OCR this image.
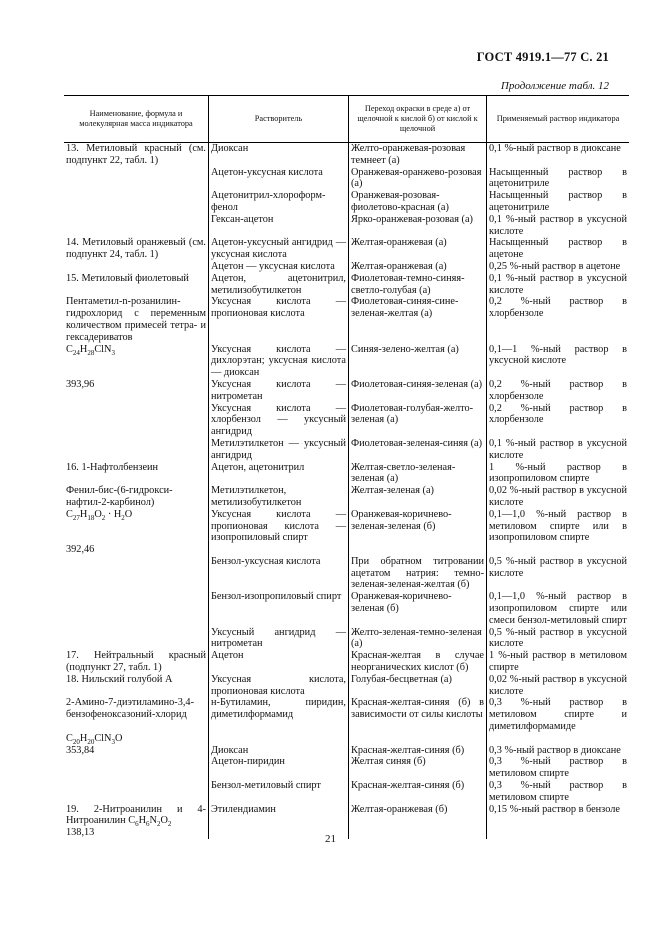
ГОСТ 4919.1—77 С. 21
Продолжение табл. 12
Наименование, формула и молекулярная масса индикатора	Растворитель	Переход окраски в среде а) от щелочной к кислой б) от кислой к щелочной	Применяемый раствор индикатора
13. Метиловый красный (см. подпункт 22, табл. 1)	Диоксан	Желто-оранжевая-розовая темнеет (а)	0,1 %-ный раствор в диоксане
	Ацетон-уксусная кислота	Оранжевая-оранжево-розовая (а)	Насыщенный раствор в ацетонитриле
	Ацетонитрил-хлороформ-фенол	Оранжевая-розовая-фиолетово-красная (а)	Насыщенный раствор в ацетонитриле
	Гексан-ацетон	Ярко-оранжевая-розовая (а)	0,1 %-ный раствор в уксусной кислоте
14. Метиловый оранжевый (см. подпункт 24, табл. 1)	Ацетон-уксусный ангидрид — уксусная кислота	Желтая-оранжевая (а)	Насыщенный раствор в ацетоне
	Ацетон — уксусная кислота	Желтая-оранжевая (а)	0,25 %-ный раствор в ацетоне
15. Метиловый фиолетовый	Ацетон, ацетонитрил, метилизобутилкетон	Фиолетовая-темно-синяя- светло-голубая (а)	0,1 %-ный раствор в уксусной кислоте
Пентаметил-n-розанилин-гидрохлорид с переменным количеством примесей тетра- и гексадериватов	Уксусная кислота — пропионовая кислота	Фиолетовая-синяя-сине-зеленая-желтая (а)	0,2 %-ный раствор в хлорбензоле
$C_{24}H_{28}ClN_3$	Уксусная кислота — дихлорэтан; уксусная кислота — диоксан	Синяя-зелено-желтая (а)	0,1—1 %-ный раствор в уксусной кислоте
393,96	Уксусная кислота — нитрометан	Фиолетовая-синяя-зеленая (а)	0,2 %-ный раствор в хлорбензоле
	Уксусная кислота — хлорбензол — уксусный ангидрид	Фиолетовая-голубая-желто-зеленая (а)	0,2 %-ный раствор в хлорбензоле
	Метилэтилкетон — уксусный ангидрид	Фиолетовая-зеленая-синяя (а)	0,1 %-ный раствор в уксусной кислоте
16. 1-Нафтолбензеин	Ацетон, ацетонитрил	Желтая-светло-зеленая-зеленая (а)	1 %-ный раствор в изопропиловом спирте
Фенил-бис-(6-гидрокси-нафтил-2-карбинол)	Метилэтилкетон, метилизобутилкетон	Желтая-зеленая (а)	0,02 %-ный раствор в уксусной кислоте
$C_{27}H_{18}O_2 \cdot H_2O$	Уксусная кислота — пропионовая кислота — изопропиловый спирт	Оранжевая-коричнево-зеленая-зеленая (б)	0,1—1,0 %-ный раствор в метиловом спирте или в изопропиловом спирте
392,46			
	Бензол-уксусная кислота	При обратном титровании ацетатом натрия: темно-зеленая-зеленая-желтая (б)	0,5 %-ный раствор в уксусной кислоте
	Бензол-изопропиловый спирт	Оранжевая-коричнево-зеленая (б)	0,1—1,0 %-ный раствор в изопропиловом спирте или смеси бензол-метиловый спирт
	Уксусный ангидрид — нитрометан	Желто-зеленая-темно-зеленая (а)	0,5 %-ный раствор в уксусной кислоте
17. Нейтральный красный (подпункт 27, табл. 1)	Ацетон	Красная-желтая в случае неорганических кислот (б)	1 %-ный раствор в метиловом спирте
18. Нильский голубой А	Уксусная кислота, пропионовая кислота	Голубая-бесцветная (а)	0,02 %-ный раствор в уксусной кислоте
2-Амино-7-диэтиламино-3,4-бензофеноксазоний-хлорид	н-Бутиламин, пиридин, диметилформамид	Красная-желтая-синяя (б) в зависимости от силы кислоты	0,3 %-ный раствор в метиловом спирте и диметилформамиде
$C_{20}H_{20}ClN_3O$			
353,84	Диоксан	Красная-желтая-синяя (б)	0,3 %-ный раствор в диоксане
	Ацетон-пиридин	Желтая синяя (б)	0,3 %-ный раствор в метиловом спирте
	Бензол-метиловый спирт	Красная-желтая-синяя (б)	0,3 %-ный раствор в метиловом спирте
19. 2-Нитроанилин и 4-Нитроанилин $C_6H_6N_2O_2$	Этилендиамин	Желтая-оранжевая (б)	0,15 %-ный раствор в бензоле
138,13			
21
